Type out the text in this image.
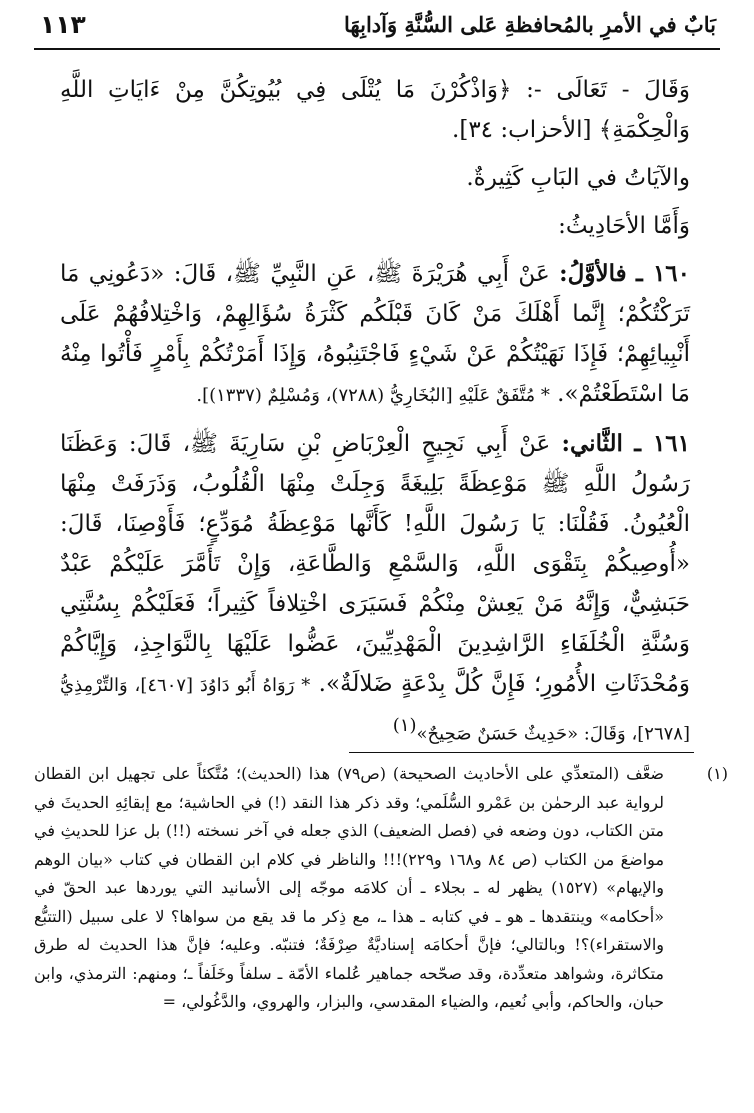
١١٣	بَابٌ في الأمرِ بالمُحافظةِ عَلى السُّنَّةِ وَآدابِهَا

وَقَالَ - تَعَالَى -: ﴿وَاذْكُرْنَ مَا يُتْلَى فِي بُيُوتِكُنَّ مِنْ ءَايَاتِ اللَّهِ وَالْحِكْمَةِ﴾ [الأحزاب: ٣٤].

والآيَاتُ في البَابِ كَثِيرةٌ.

وَأَمَّا الأحَادِيثُ:

١٦٠ ـ فالأوَّلُ: عَنْ أَبِي هُرَيْرَةَ ﷺ، عَنِ النَّبِيِّ ﷺ، قَالَ: «دَعُونِي مَا تَرَكْتُكُمْ؛ إِنَّما أَهْلَكَ مَنْ كَانَ قَبْلَكُم كَثْرَةُ سُؤَالِهِمْ، وَاخْتِلافُهُمْ عَلَى أَنْبِيائِهِمْ؛ فَإِذَا نَهَيْتُكُمْ عَنْ شَيْءٍ فَاجْتَنِبُوهُ، وَإِذَا أَمَرْتُكُمْ بِأَمْرٍ فَأْتُوا مِنْهُ مَا اسْتَطَعْتُمْ». * مُتَّفَقٌ عَلَيْهِ [البُخَارِيُّ (٧٢٨٨)، وَمُسْلِمٌ (١٣٣٧)].

١٦١ ـ الثَّاني: عَنْ أَبِي نَجِيحٍ الْعِرْبَاضِ بْنِ سَارِيَةَ ﷺ، قَالَ: وَعَظَنَا رَسُولُ اللَّهِ ﷺ مَوْعِظَةً بَلِيغَةً وَجِلَتْ مِنْهَا الْقُلُوبُ، وَذَرَفَتْ مِنْهَا الْعُيُونُ. فَقُلْنَا: يَا رَسُولَ اللَّهِ! كَأَنَّها مَوْعِظَةُ مُوَدِّعٍ؛ فَأَوْصِنَا، قَالَ: «أُوصِيكُمْ بِتَقْوَى اللَّهِ، وَالسَّمْعِ وَالطَّاعَةِ، وَإِنْ تَأَمَّرَ عَلَيْكُمْ عَبْدٌ حَبَشِيٌّ، وَإِنَّهُ مَنْ يَعِشْ مِنْكُمْ فَسَيَرَى اخْتِلافاً كَثِيراً؛ فَعَلَيْكُمْ بِسُنَّتِي وَسُنَّةِ الْخُلَفَاءِ الرَّاشِدِينَ الْمَهْدِيِّينَ، عَضُّوا عَلَيْهَا بِالنَّوَاجِذِ، وَإِيَّاكُمْ وَمُحْدَثَاتِ الأُمُورِ؛ فَإِنَّ كُلَّ بِدْعَةٍ ضَلالَةٌ». * رَوَاهُ أَبُو دَاوُدَ [٤٦٠٧]، وَالتِّرْمِذِيُّ [٢٦٧٨]، وَقَالَ: «حَدِيثٌ حَسَنٌ صَحِيحٌ»$^{(١)}$

(١)
ضعَّف (المتعدِّي على الأحاديث الصحيحة) (ص٧٩) هذا (الحديث)؛ مُتَّكئاً على تجهيل ابن القطان لرواية عبد الرحمٰن بن عَمْرو السُّلَمي؛ وقد ذكر هذا النقد (!) في الحاشية؛ مع إبقائِهِ الحديثَ في متن الكتاب، دون وضعه في (فصل الضعيف) الذي جعله في آخر نسخته (!!) بل عزا للحديثِ في مواضعَ من الكتاب (ص ٨٤ و١٦٨ و٢٢٩)!!! والناظر في كلام ابن القطان في كتاب «بيان الوهم والإيهام» (١٥٢٧) يظهر له ـ بجلاء ـ أن كلامَه موجّه إلى الأسانيد التي يوردها عبد الحقّ في «أحكامه» وينتقدها ـ هو ـ في كتابه ـ هذا ـ، مع ذِكر ما قد يقع من سواها؟ لا على سبيل (التتبُّع والاستقراء)؟! وبالتالي؛ فإنَّ أحكامَه إسناديَّةٌ صِرْفَةٌ؛ فتنبّه. وعليه؛ فإنَّ هذا الحديث له طرق متكاثرة، وشواهد متعدِّدة، وقد صحّحه جماهير عُلماء الأمّة ـ سلفاً وخَلَفاً ـ؛ ومنهم: الترمذي، وابن حبان، والحاكم، وأبي نُعيم، والضياء المقدسي، والبزار، والهروي، والدَّغُولي، =
